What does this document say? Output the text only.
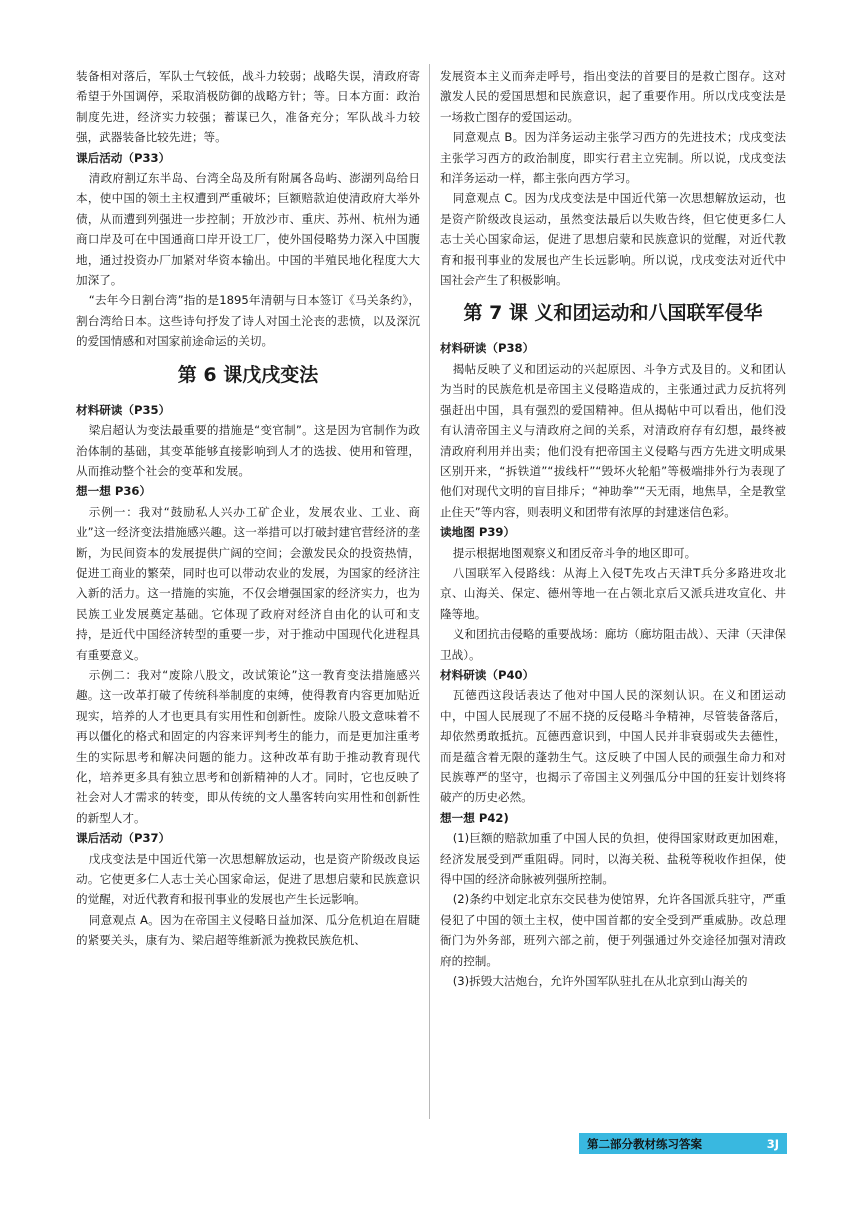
装备相对落后，军队士气较低，战斗力较弱；战略失误，清政府寄希望于外国调停，采取消极防御的战略方针；等。日本方面：政治制度先进，经济实力较强；蓄谋已久，准备充分；军队战斗力较强，武器装备比较先进；等。

课后活动（P33）

清政府割辽东半岛、台湾全岛及所有附属各岛屿、澎湖列岛给日本，使中国的领土主权遭到严重破坏；巨额赔款迫使清政府大举外债，从而遭到列强进一步控制；开放沙市、重庆、苏州、杭州为通商口岸及可在中国通商口岸开设工厂，使外国侵略势力深入中国腹地，通过投资办厂加紧对华资本输出。中国的半殖民地化程度大大加深了。

“去年今日割台湾”指的是1895年清朝与日本签订《马关条约》，割台湾给日本。这些诗句抒发了诗人对国土沦丧的悲愤，以及深沉的爱国情感和对国家前途命运的关切。

第 6 课戊戌变法
材料研读（P35）

梁启超认为变法最重要的措施是“变官制”。这是因为官制作为政治体制的基础，其变革能够直接影响到人才的选拔、使用和管理，从而推动整个社会的变革和发展。

想一想 P36）

示例一：我对“鼓励私人兴办工矿企业，发展农业、工业、商业”这一经济变法措施感兴趣。这一举措可以打破封建官营经济的垄断，为民间资本的发展提供广阔的空间；会激发民众的投资热情，促进工商业的繁荣，同时也可以带动农业的发展，为国家的经济注入新的活力。这一措施的实施，不仅会增强国家的经济实力，也为民族工业发展奠定基础。它体现了政府对经济自由化的认可和支持，是近代中国经济转型的重要一步，对于推动中国现代化进程具有重要意义。

示例二：我对“废除八股文，改试策论”这一教育变法措施感兴趣。这一改革打破了传统科举制度的束缚，使得教育内容更加贴近现实，培养的人才也更具有实用性和创新性。废除八股文意味着不再以僵化的格式和固定的内容来评判考生的能力，而是更加注重考生的实际思考和解决问题的能力。这种改革有助于推动教育现代化，培养更多具有独立思考和创新精神的人才。同时，它也反映了社会对人才需求的转变，即从传统的文人墨客转向实用性和创新性的新型人才。

课后活动（P37）

戊戌变法是中国近代第一次思想解放运动，也是资产阶级改良运动。它使更多仁人志士关心国家命运，促进了思想启蒙和民族意识的觉醒，对近代教育和报刊事业的发展也产生长远影响。

同意观点 A。因为在帝国主义侵略日益加深、瓜分危机迫在眉睫的紧要关头，康有为、梁启超等维新派为挽救民族危机、

发展资本主义而奔走呼号，指出变法的首要目的是救亡图存。这对激发人民的爱国思想和民族意识，起了重要作用。所以戊戌变法是一场救亡图存的爱国运动。

同意观点 B。因为洋务运动主张学习西方的先进技术；戊戌变法主张学习西方的政治制度，即实行君主立宪制。所以说，戊戌变法和洋务运动一样，都主张向西方学习。

同意观点 C。因为戊戌变法是中国近代第一次思想解放运动，也是资产阶级改良运动，虽然变法最后以失败告终，但它使更多仁人志士关心国家命运，促进了思想启蒙和民族意识的觉醒，对近代教育和报刊事业的发展也产生长远影响。所以说，戊戌变法对近代中国社会产生了积极影响。

第 7 课 义和团运动和八国联军侵华
材料研读（P38）

揭帖反映了义和团运动的兴起原因、斗争方式及目的。义和团认为当时的民族危机是帝国主义侵略造成的，主张通过武力反抗将列强赶出中国，具有强烈的爱国精神。但从揭帖中可以看出，他们没有认清帝国主义与清政府之间的关系，对清政府存有幻想，最终被清政府利用并出卖；他们没有把帝国主义侵略与西方先进文明成果区别开来，“拆铁道”“拔线杆”“毁坏火轮船”等极端排外行为表现了他们对现代文明的盲目排斥；“神助拳”“天无雨，地焦旱，全是教堂止住天”等内容，则表明义和团带有浓厚的封建迷信色彩。

读地图 P39）

提示根据地图观察义和团反帝斗争的地区即可。

八国联军入侵路线：从海上入侵T先攻占天津T兵分多路进攻北京、山海关、保定、德州等地一在占领北京后又派兵进攻宣化、井隆等地。

义和团抗击侵略的重要战场：廊坊（廊坊阻击战）、天津（天津保卫战）。

材料研读（P40）

瓦德西这段话表达了他对中国人民的深刻认识。在义和团运动中，中国人民展现了不屈不挠的反侵略斗争精神，尽管装备落后，却依然勇敢抵抗。瓦德西意识到，中国人民并非衰弱或失去德性，而是蕴含着无限的蓬勃生气。这反映了中国人民的顽强生命力和对民族尊严的坚守，也揭示了帝国主义列强瓜分中国的狂妄计划终将破产的历史必然。

想一想 P42)

(1)巨额的赔款加重了中国人民的负担，使得国家财政更加困难，经济发展受到严重阻碍。同时，以海关税、盐税等税收作担保，使得中国的经济命脉被列强所控制。

(2)条约中划定北京东交民巷为使馆界，允许各国派兵驻守，严重侵犯了中国的领土主权，使中国首都的安全受到严重威胁。改总理衙门为外务部，班列六部之前，便于列强通过外交途径加强对清政府的控制。

(3)拆毁大沽炮台，允许外国军队驻扎在从北京到山海关的

第二部分教材练习答案	3J
